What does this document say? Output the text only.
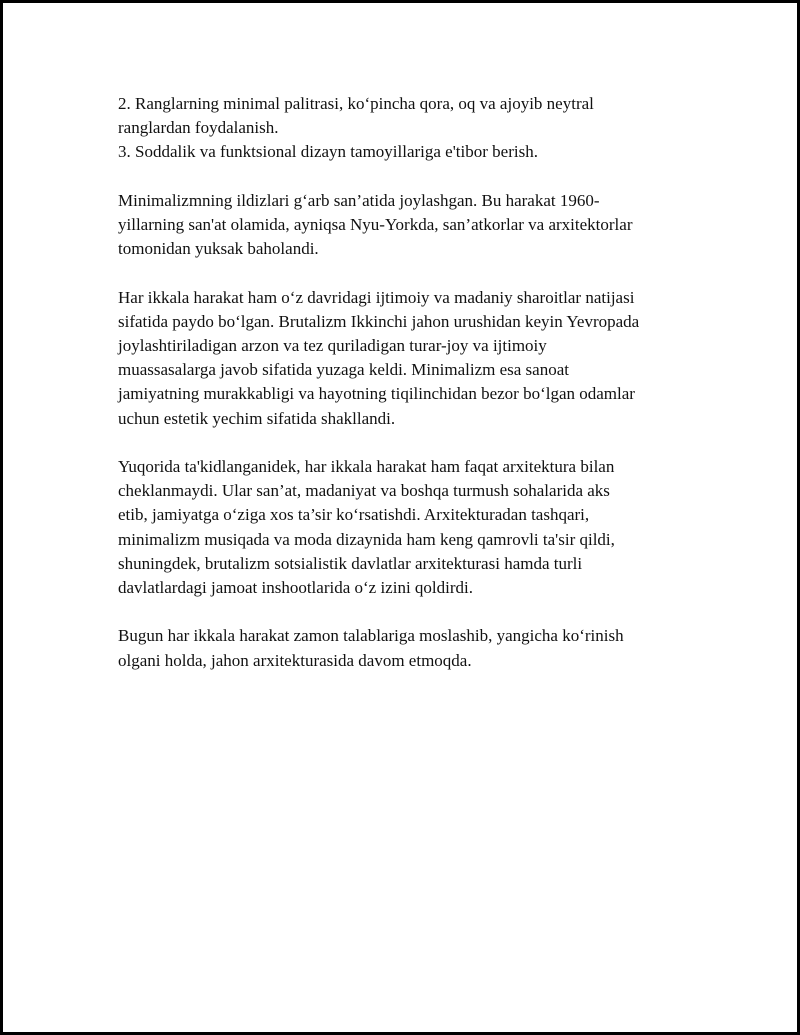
2. Ranglarning minimal palitrasi, ko‘pincha qora, oq va ajoyib neytral
ranglardan foydalanish.
3. Soddalik va funktsional dizayn tamoyillariga e'tibor berish.

Minimalizmning ildizlari g‘arb san’atida joylashgan. Bu harakat 1960-
yillarning san'at olamida, ayniqsa Nyu-Yorkda, san’atkorlar va arxitektorlar
tomonidan yuksak baholandi.

Har ikkala harakat ham o‘z davridagi ijtimoiy va madaniy sharoitlar natijasi
sifatida paydo bo‘lgan. Brutalizm Ikkinchi jahon urushidan keyin Yevropada
joylashtiriladigan arzon va tez quriladigan turar-joy va ijtimoiy
muassasalarga javob sifatida yuzaga keldi. Minimalizm esa sanoat
jamiyatning murakkabligi va hayotning tiqilinchidan bezor bo‘lgan odamlar
uchun estetik yechim sifatida shakllandi.

Yuqorida ta'kidlanganidek, har ikkala harakat ham faqat arxitektura bilan
cheklanmaydi. Ular san’at, madaniyat va boshqa turmush sohalarida aks
etib, jamiyatga o‘ziga xos ta’sir ko‘rsatishdi. Arxitekturadan tashqari,
minimalizm musiqada va moda dizaynida ham keng qamrovli ta'sir qildi,
shuningdek, brutalizm sotsialistik davlatlar arxitekturasi hamda turli
davlatlardagi jamoat inshootlarida o‘z izini qoldirdi.

Bugun har ikkala harakat zamon talablariga moslashib, yangicha ko‘rinish
olgani holda, jahon arxitekturasida davom etmoqda.
